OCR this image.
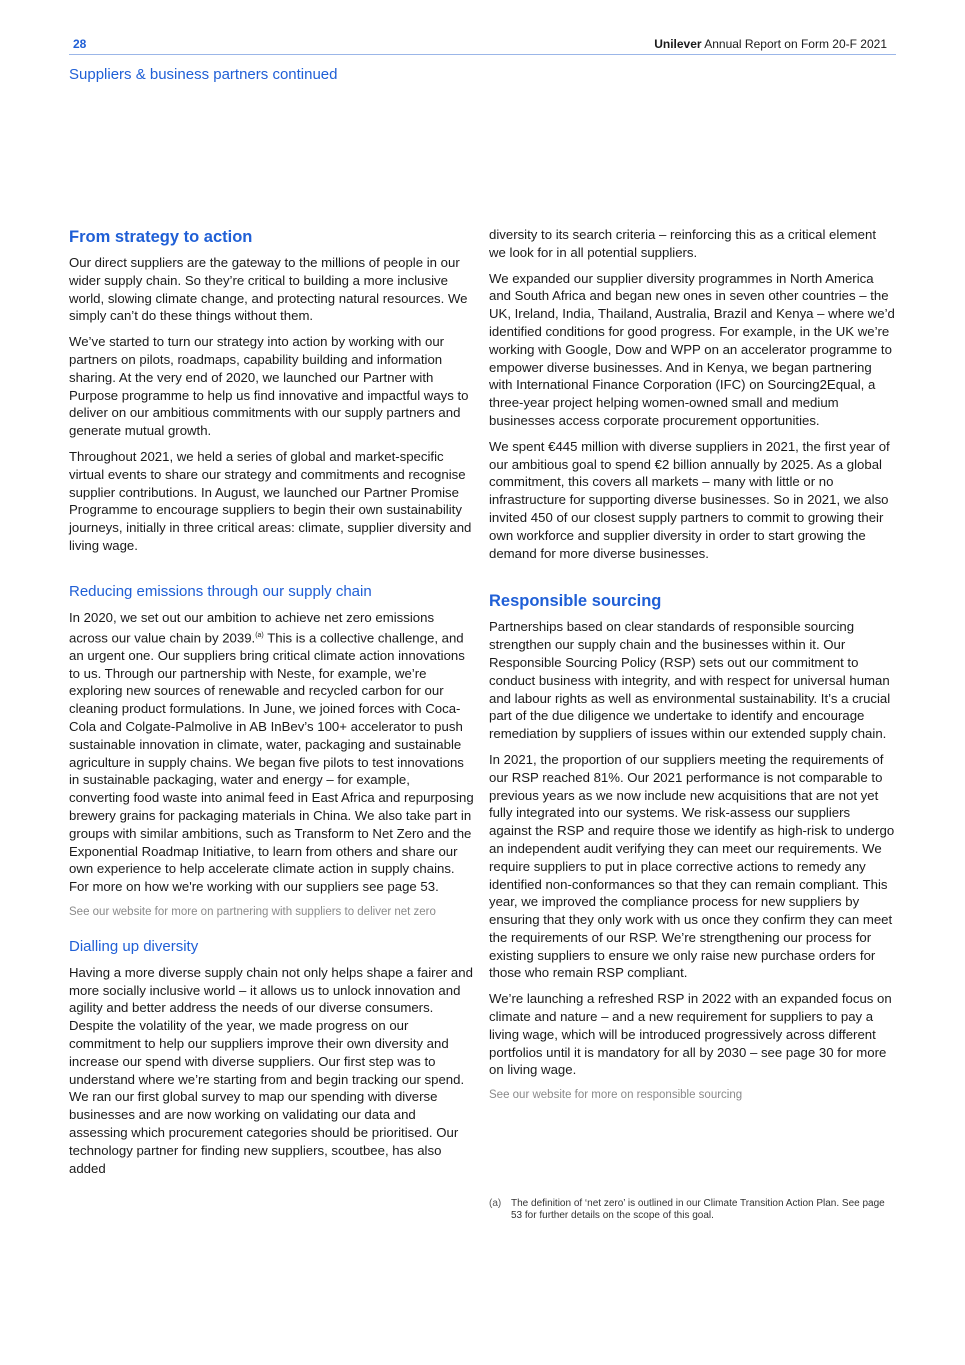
28	Unilever Annual Report on Form 20-F 2021
Suppliers & business partners continued
From strategy to action

Our direct suppliers are the gateway to the millions of people in our wider supply chain. So they’re critical to building a more inclusive world, slowing climate change, and protecting natural resources. We simply can’t do these things without them.

We’ve started to turn our strategy into action by working with our partners on pilots, roadmaps, capability building and information sharing. At the very end of 2020, we launched our Partner with Purpose programme to help us find innovative and impactful ways to deliver on our ambitious commitments with our supply partners and generate mutual growth.

Throughout 2021, we held a series of global and market-specific virtual events to share our strategy and commitments and recognise supplier contributions. In August, we launched our Partner Promise Programme to encourage suppliers to begin their own sustainability journeys, initially in three critical areas: climate, supplier diversity and living wage.

Reducing emissions through our supply chain

In 2020, we set out our ambition to achieve net zero emissions across our value chain by 2039.$^{(a)}$ This is a collective challenge, and an urgent one. Our suppliers bring critical climate action innovations to us. Through our partnership with Neste, for example, we’re exploring new sources of renewable and recycled carbon for our cleaning product formulations. In June, we joined forces with Coca-Cola and Colgate-Palmolive in AB InBev’s 100+ accelerator to push sustainable innovation in climate, water, packaging and sustainable agriculture in supply chains. We began five pilots to test innovations in sustainable packaging, water and energy – for example, converting food waste into animal feed in East Africa and repurposing brewery grains for packaging materials in China. We also take part in groups with similar ambitions, such as Transform to Net Zero and the Exponential Roadmap Initiative, to learn from others and share our own experience to help accelerate climate action in supply chains. For more on how we're working with our suppliers see page 53.

See our website for more on partnering with suppliers to deliver net zero
Dialling up diversity

Having a more diverse supply chain not only helps shape a fairer and more socially inclusive world – it allows us to unlock innovation and agility and better address the needs of our diverse consumers. Despite the volatility of the year, we made progress on our commitment to help our suppliers improve their own diversity and increase our spend with diverse suppliers. Our first step was to understand where we’re starting from and begin tracking our spend. We ran our first global survey to map our spending with diverse businesses and are now working on validating our data and assessing which procurement categories should be prioritised. Our technology partner for finding new suppliers, scoutbee, has also added

diversity to its search criteria – reinforcing this as a critical element we look for in all potential suppliers.

We expanded our supplier diversity programmes in North America and South Africa and began new ones in seven other countries – the UK, Ireland, India, Thailand, Australia, Brazil and Kenya – where we’d identified conditions for good progress. For example, in the UK we’re working with Google, Dow and WPP on an accelerator programme to empower diverse businesses. And in Kenya, we began partnering with International Finance Corporation (IFC) on Sourcing2Equal, a three-year project helping women-owned small and medium businesses access corporate procurement opportunities.

We spent €445 million with diverse suppliers in 2021, the first year of our ambitious goal to spend €2 billion annually by 2025. As a global commitment, this covers all markets – many with little or no infrastructure for supporting diverse businesses. So in 2021, we also invited 450 of our closest supply partners to commit to growing their own workforce and supplier diversity in order to start growing the demand for more diverse businesses.

Responsible sourcing

Partnerships based on clear standards of responsible sourcing strengthen our supply chain and the businesses within it. Our Responsible Sourcing Policy (RSP) sets out our commitment to conduct business with integrity, and with respect for universal human and labour rights as well as environmental sustainability. It’s a crucial part of the due diligence we undertake to identify and encourage remediation by suppliers of issues within our extended supply chain.

In 2021, the proportion of our suppliers meeting the requirements of our RSP reached 81%. Our 2021 performance is not comparable to previous years as we now include new acquisitions that are not yet fully integrated into our systems. We risk-assess our suppliers against the RSP and require those we identify as high-risk to undergo an independent audit verifying they can meet our requirements. We require suppliers to put in place corrective actions to remedy any identified non-conformances so that they can remain compliant. This year, we improved the compliance process for new suppliers by ensuring that they only work with us once they confirm they can meet the requirements of our RSP. We’re strengthening our process for existing suppliers to ensure we only raise new purchase orders for those who remain RSP compliant.

We’re launching a refreshed RSP in 2022 with an expanded focus on climate and nature – and a new requirement for suppliers to pay a living wage, which will be introduced progressively across different portfolios until it is mandatory for all by 2030 – see page 30 for more on living wage.

See our website for more on responsible sourcing
(a) The definition of ‘net zero’ is outlined in our Climate Transition Action Plan. See page 53 for further details on the scope of this goal.
